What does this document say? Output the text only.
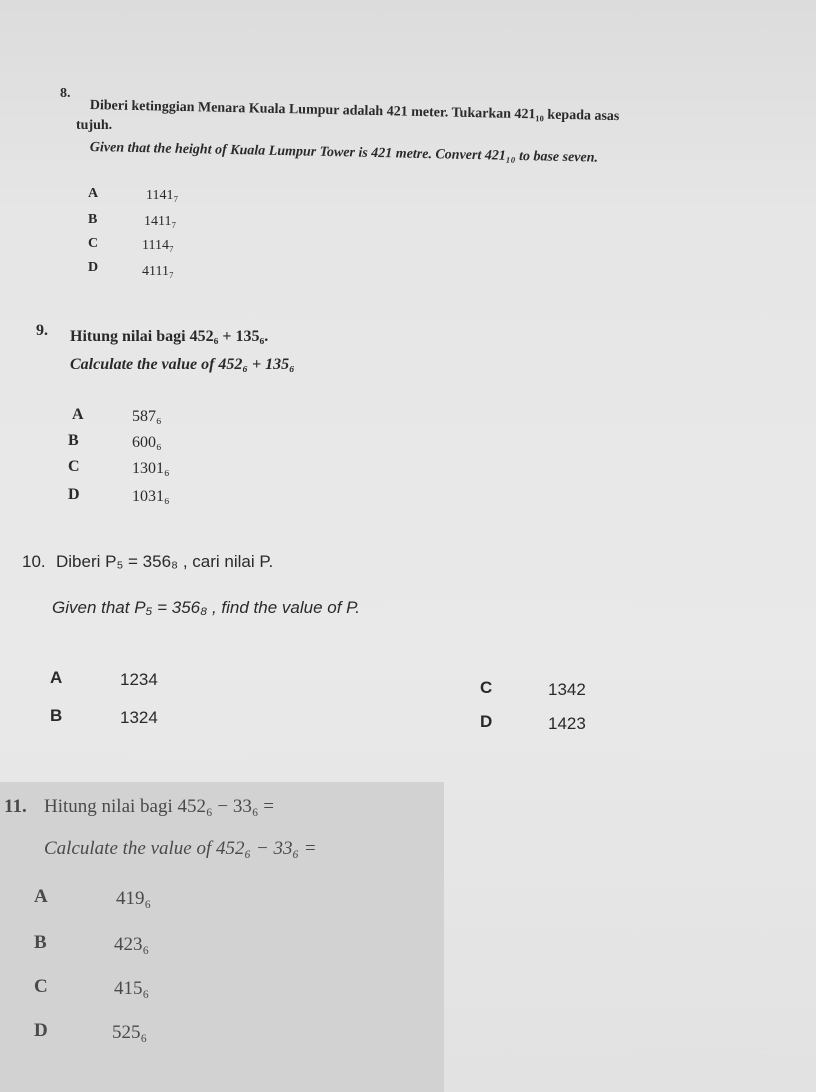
8.
Diberi ketinggian Menara Kuala Lumpur adalah 421 meter. Tukarkan 421₁₀ kepada asas
tujuh.
Given that the height of Kuala Lumpur Tower is 421 metre. Convert 421₁₀ to base seven.
A	1141₇
B	1411₇
C	1114₇
D	4111₇
9. Hitung nilai bagi 452₆ + 135₆.
Calculate the value of 452₆ + 135₆
A	587₆
B	600₆
C	1301₆
D	1031₆
10. Diberi P₅ = 356₈ , cari nilai P.
Given that P₅ = 356₈ , find the value of P.
A	1234
B	1324
C	1342
D	1423
11. Hitung nilai bagi 452₆ − 33₆ =
Calculate the value of 452₆ − 33₆ =
A	419₆
B	423₆
C	415₆
D	525₆
